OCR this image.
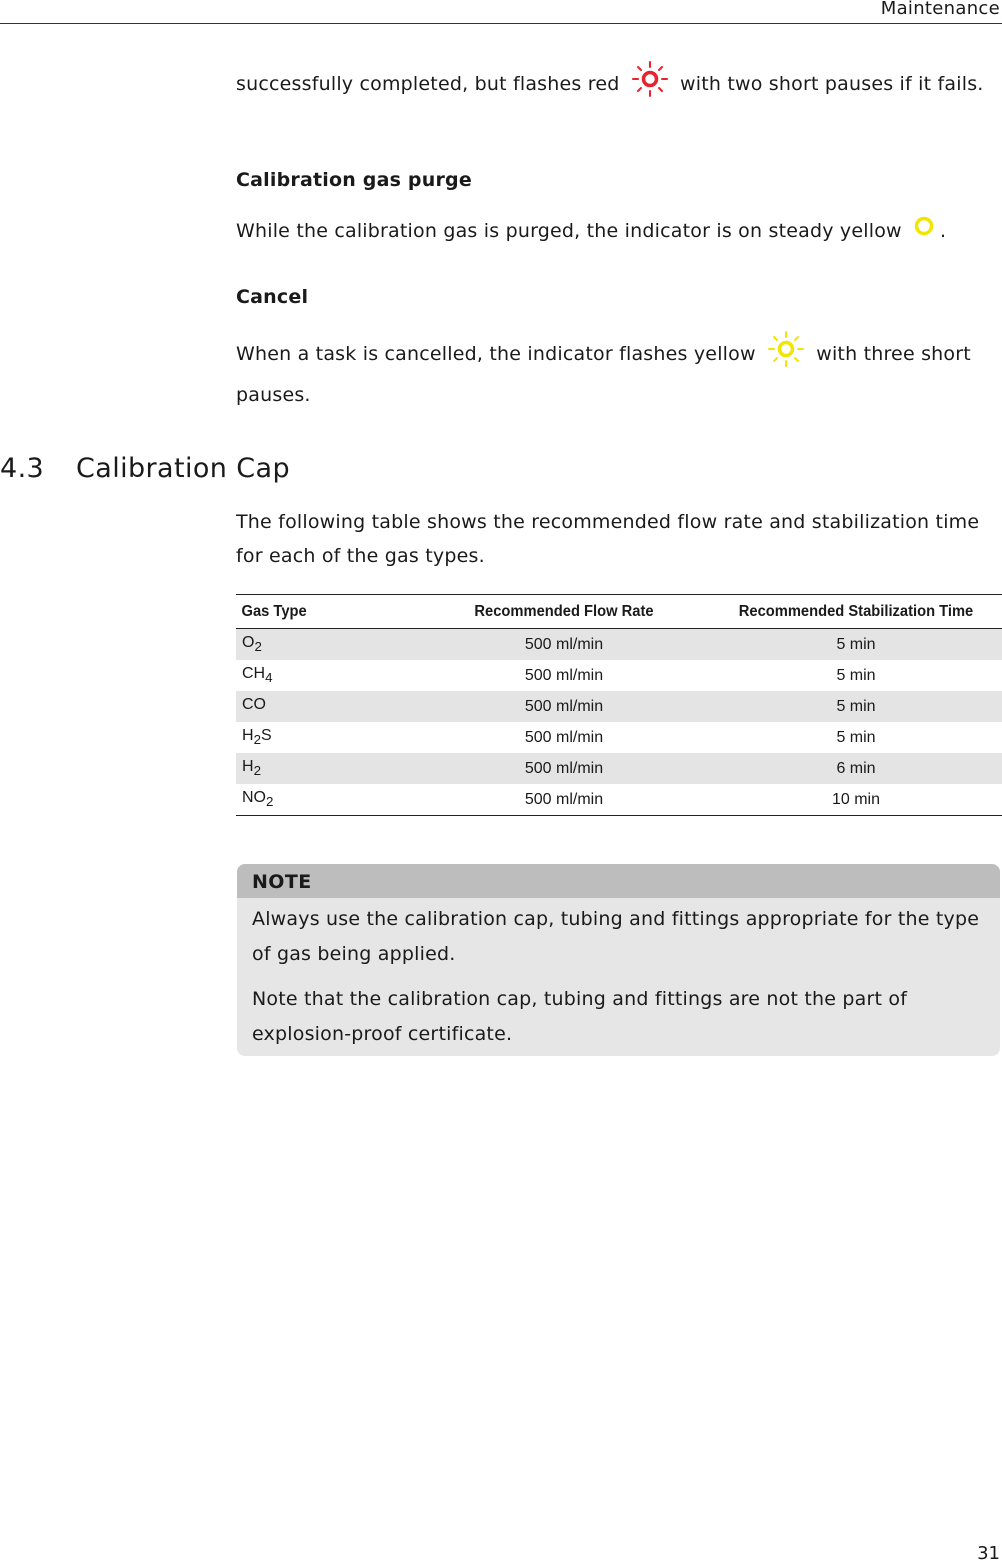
Maintenance
successfully completed, but flashes red	with two short pauses if it fails.
Calibration gas purge
While the calibration gas is purged, the indicator is on steady yellow .
Cancel
When a task is cancelled, the indicator flashes yellow	with three short pauses.
4.3 Calibration Cap
The following table shows the recommended flow rate and stabilization time for each of the gas types.
Gas Type	Recommended Flow Rate	Recommended Stabilization Time
$O_2$	500 ml/min	5 min
$CH_4$	500 ml/min	5 min
CO	500 ml/min	5 min
$H_2S$	500 ml/min	5 min
$H_2$	500 ml/min	6 min
$NO_2$	500 ml/min	10 min
NOTE
Always use the calibration cap, tubing and fittings appropriate for the type of gas being applied.
Note that the calibration cap, tubing and fittings are not the part of explosion-proof certificate.
31
